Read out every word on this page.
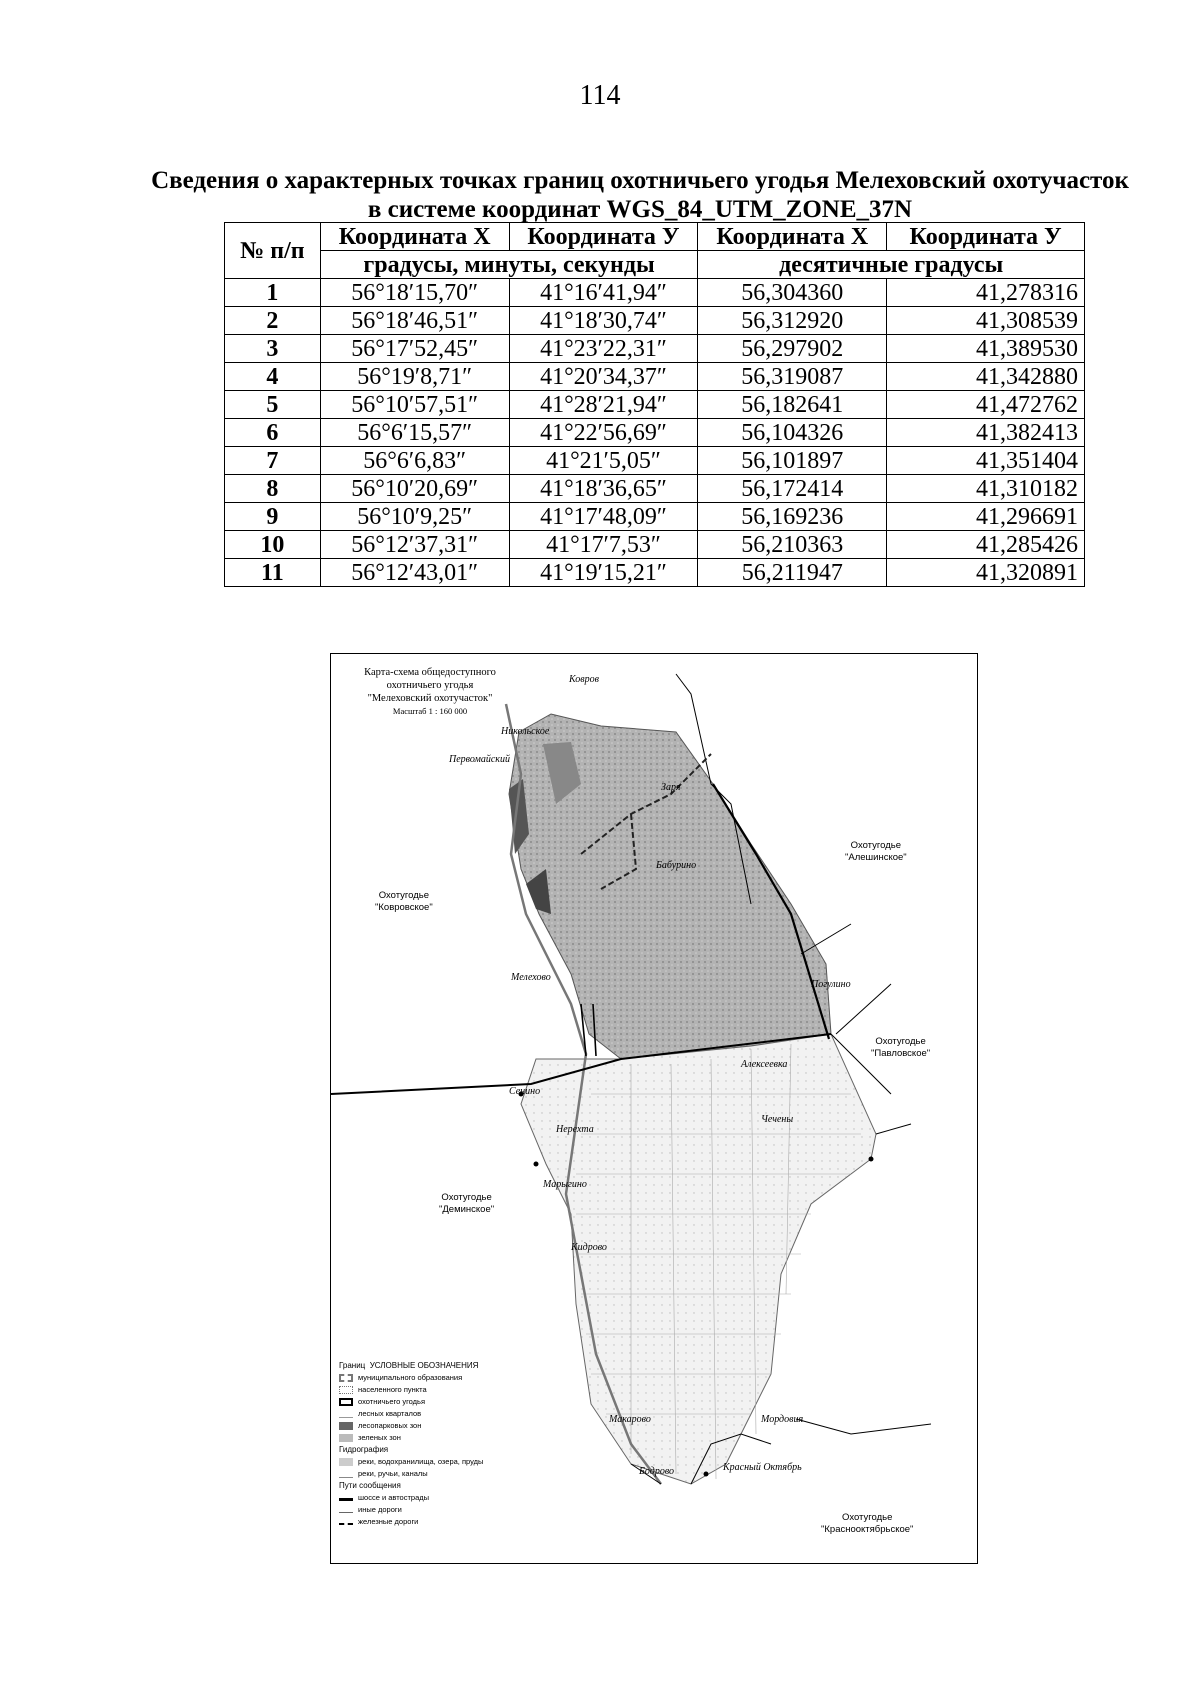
114
Сведения о характерных точках границ охотничьего угодья Мелеховский охотучасток
в системе координат WGS_84_UTM_ZONE_37N
№ п/п	Координата Х	Координата У	Координата Х	Координата У
	градусы, минуты, секунды		десятичные градусы	
1	56°18′15,70″	41°16′41,94″	56,304360	41,278316
2	56°18′46,51″	41°18′30,74″	56,312920	41,308539
3	56°17′52,45″	41°23′22,31″	56,297902	41,389530
4	56°19′8,71″	41°20′34,37″	56,319087	41,342880
5	56°10′57,51″	41°28′21,94″	56,182641	41,472762
6	56°6′15,57″	41°22′56,69″	56,104326	41,382413
7	56°6′6,83″	41°21′5,05″	56,101897	41,351404
8	56°10′20,69″	41°18′36,65″	56,172414	41,310182
9	56°10′9,25″	41°17′48,09″	56,169236	41,296691
10	56°12′37,31″	41°17′7,53″	56,210363	41,285426
11	56°12′43,01″	41°19′15,21″	56,211947	41,320891
Карта-схема общедоступного
охотничьего угодья
"Мелеховский охотучасток"
Масштаб 1 : 160 000
Охотугодье
"Ковровское"
Охотугодье
"Алешинское"
Охотугодье
"Павловское"
Охотугодье
"Деминское"
Охотугодье
"Красноoктябрьское"
Ковров
Никольское
Первомайский
Заря
Бабурино
Мелехово
Погулино
Алексеевка
Сенино
Нерехта
Чечены
Марыгино
Кидрово
Макарово	Мордовия
Бодрово	Красный Октябрь
Границ
УСЛОВНЫЕ ОБОЗНАЧЕНИЯ
муниципального образования
населенного пункта
охотничьего угодья
лесных кварталов
лесопарковых зон
зеленых зон
Гидрография
реки, водохранилища, озера, пруды
реки, ручьи, каналы
Пути сообщения
шоссе и автострады
иные дороги
железные дороги
